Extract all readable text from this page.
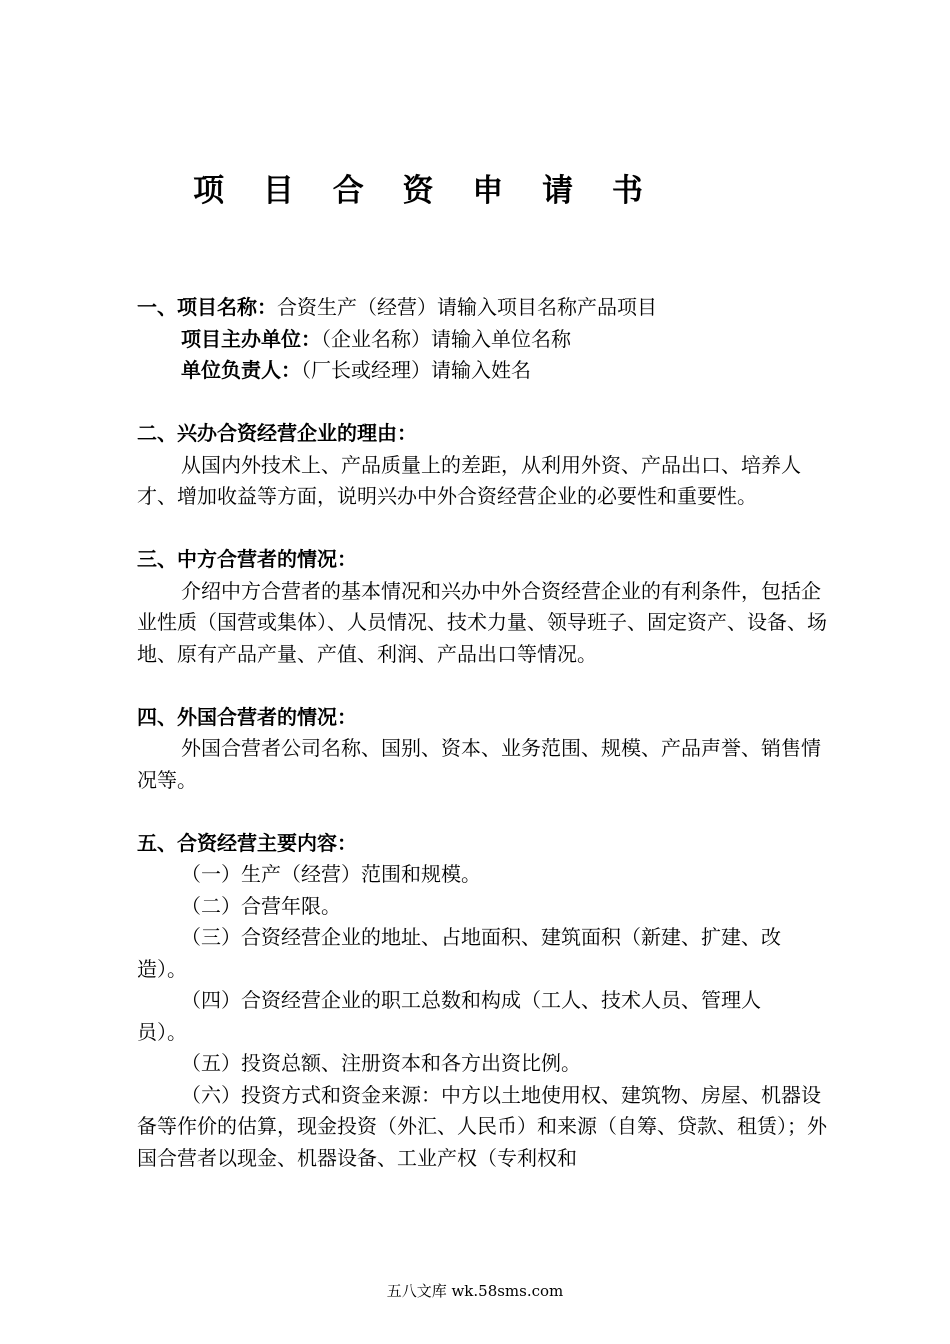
项 目 合 资 申 请 书

一、项目名称：合资生产（经营）请输入项目名称产品项目

项目主办单位：（企业名称）请输入单位名称

单位负责人：（厂长或经理）请输入姓名

二、兴办合资经营企业的理由：

从国内外技术上、产品质量上的差距，从利用外资、产品出口、培养人才、增加收益等方面，说明兴办中外合资经营企业的必要性和重要性。

三、中方合营者的情况：

介绍中方合营者的基本情况和兴办中外合资经营企业的有利条件，包括企业性质（国营或集体）、人员情况、技术力量、领导班子、固定资产、设备、场地、原有产品产量、产值、利润、产品出口等情况。

四、外国合营者的情况：

外国合营者公司名称、国别、资本、业务范围、规模、产品声誉、销售情况等。

五、合资经营主要内容：

（一）生产（经营）范围和规模。

（二）合营年限。

（三）合资经营企业的地址、占地面积、建筑面积（新建、扩建、改造）。

（四）合资经营企业的职工总数和构成（工人、技术人员、管理人　员）。

（五）投资总额、注册资本和各方出资比例。

（六）投资方式和资金来源：中方以土地使用权、建筑物、房屋、机器设备等作价的估算，现金投资（外汇、人民币）和来源（自筹、贷款、租赁）；外国合营者以现金、机器设备、工业产权（专利权和

五八文库 wk.58sms.com
